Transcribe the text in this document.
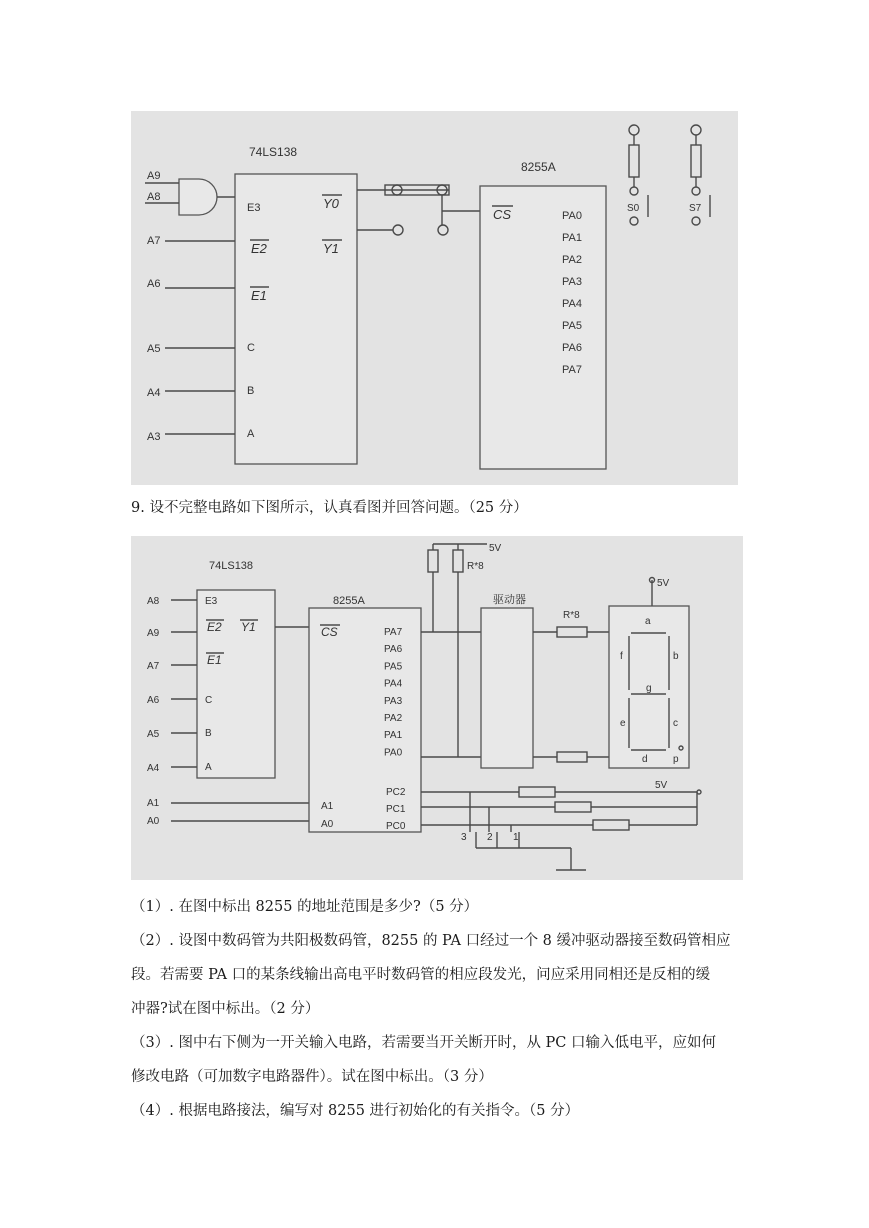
74LS138
E3
E2
E1
C
B
A
Y0
Y1
A9
A8
A7
A6
A5
A4
A3
8255A
CS	PA0
PA1
PA2
PA3
PA4
PA5
PA6
PA7
S0	S7
9. 设不完整电路如下图所示，认真看图并回答问题。（25 分）
74LS138
E3
E2
E1
C
B
A
Y1
A8
A9
A7
A6
A5
A4
A1
A0
8255A
CS
A1
A0
PA7
PA6
PA5
PA4
PA3
PA2
PA1
PA0
PC2
PC1
PC0
5V
R*8
驱动器
R*8
5V
a
b
c
d
e
f
g
p
5V
3 2 1
（1）. 在图中标出 8255 的地址范围是多少?（5 分）
（2）. 设图中数码管为共阳极数码管，8255 的 PA 口经过一个 8 缓冲驱动器接至数码管相应
段。若需要 PA 口的某条线输出高电平时数码管的相应段发光，问应采用同相还是反相的缓
冲器?试在图中标出。（2 分）
（3）. 图中右下侧为一开关输入电路，若需要当开关断开时，从 PC 口输入低电平，应如何
修改电路（可加数字电路器件）。试在图中标出。（3 分）
（4）. 根据电路接法，编写对 8255 进行初始化的有关指令。（5 分）
